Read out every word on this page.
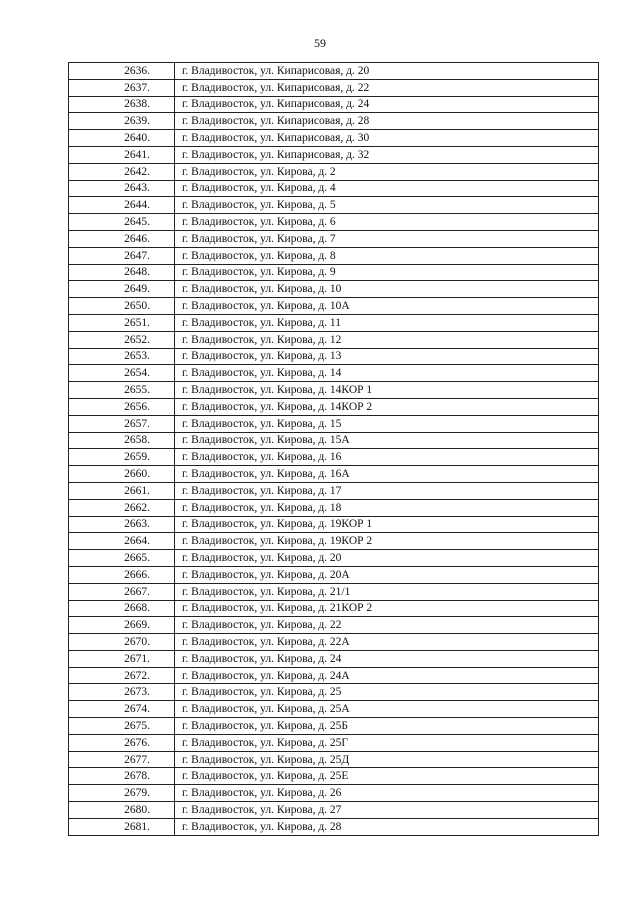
59
2636.	г. Владивосток, ул. Кипарисовая, д. 20
2637.	г. Владивосток, ул. Кипарисовая, д. 22
2638.	г. Владивосток, ул. Кипарисовая, д. 24
2639.	г. Владивосток, ул. Кипарисовая, д. 28
2640.	г. Владивосток, ул. Кипарисовая, д. 30
2641.	г. Владивосток, ул. Кипарисовая, д. 32
2642.	г. Владивосток, ул. Кирова, д. 2
2643.	г. Владивосток, ул. Кирова, д. 4
2644.	г. Владивосток, ул. Кирова, д. 5
2645.	г. Владивосток, ул. Кирова, д. 6
2646.	г. Владивосток, ул. Кирова, д. 7
2647.	г. Владивосток, ул. Кирова, д. 8
2648.	г. Владивосток, ул. Кирова, д. 9
2649.	г. Владивосток, ул. Кирова, д. 10
2650.	г. Владивосток, ул. Кирова, д. 10А
2651.	г. Владивосток, ул. Кирова, д. 11
2652.	г. Владивосток, ул. Кирова, д. 12
2653.	г. Владивосток, ул. Кирова, д. 13
2654.	г. Владивосток, ул. Кирова, д. 14
2655.	г. Владивосток, ул. Кирова, д. 14КОР 1
2656.	г. Владивосток, ул. Кирова, д. 14КОР 2
2657.	г. Владивосток, ул. Кирова, д. 15
2658.	г. Владивосток, ул. Кирова, д. 15А
2659.	г. Владивосток, ул. Кирова, д. 16
2660.	г. Владивосток, ул. Кирова, д. 16А
2661.	г. Владивосток, ул. Кирова, д. 17
2662.	г. Владивосток, ул. Кирова, д. 18
2663.	г. Владивосток, ул. Кирова, д. 19КОР 1
2664.	г. Владивосток, ул. Кирова, д. 19КОР 2
2665.	г. Владивосток, ул. Кирова, д. 20
2666.	г. Владивосток, ул. Кирова, д. 20А
2667.	г. Владивосток, ул. Кирова, д. 21/1
2668.	г. Владивосток, ул. Кирова, д. 21КОР 2
2669.	г. Владивосток, ул. Кирова, д. 22
2670.	г. Владивосток, ул. Кирова, д. 22А
2671.	г. Владивосток, ул. Кирова, д. 24
2672.	г. Владивосток, ул. Кирова, д. 24А
2673.	г. Владивосток, ул. Кирова, д. 25
2674.	г. Владивосток, ул. Кирова, д. 25А
2675.	г. Владивосток, ул. Кирова, д. 25Б
2676.	г. Владивосток, ул. Кирова, д. 25Г
2677.	г. Владивосток, ул. Кирова, д. 25Д
2678.	г. Владивосток, ул. Кирова, д. 25Е
2679.	г. Владивосток, ул. Кирова, д. 26
2680.	г. Владивосток, ул. Кирова, д. 27
2681.	г. Владивосток, ул. Кирова, д. 28
